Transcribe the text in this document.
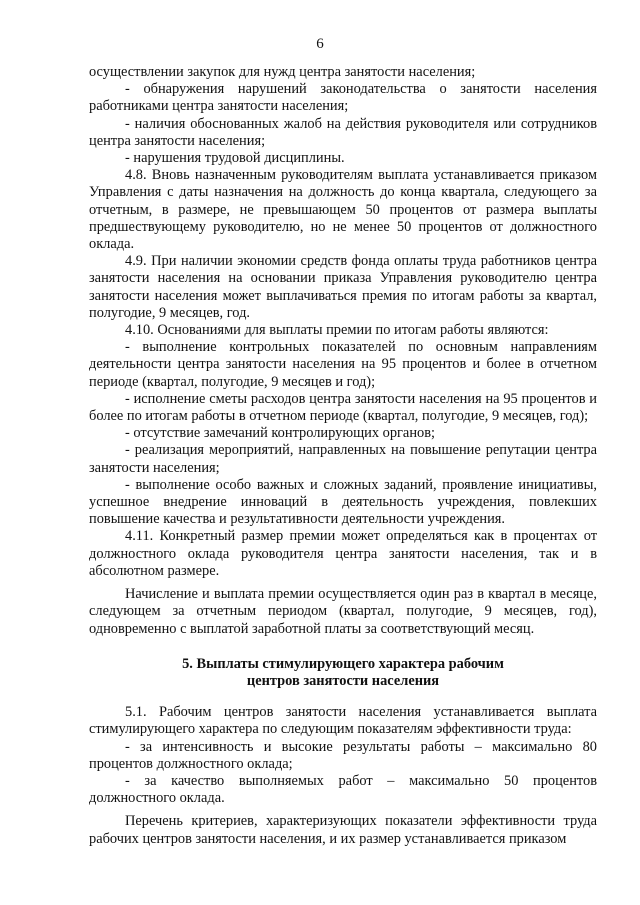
6

осуществлении закупок для нужд центра занятости населения;

- обнаружения нарушений законодательства о занятости населения работниками центра занятости населения;

- наличия обоснованных жалоб на действия руководителя или сотрудников центра занятости населения;

- нарушения трудовой дисциплины.

4.8. Вновь назначенным руководителям выплата устанавливается приказом Управления с даты назначения на должность до конца квартала, следующего за отчетным, в размере, не превышающем 50 процентов от размера выплаты предшествующему руководителю, но не менее 50 процентов от должностного оклада.

4.9. При наличии экономии средств фонда оплаты труда работников центра занятости населения на основании приказа Управления руководителю центра занятости населения может выплачиваться премия по итогам работы за квартал, полугодие, 9 месяцев, год.

4.10. Основаниями для выплаты премии по итогам работы являются:

- выполнение контрольных показателей по основным направлениям деятельности центра занятости населения на 95 процентов и более в отчетном периоде (квартал, полугодие, 9 месяцев и год);

- исполнение сметы расходов центра занятости населения на 95 процентов и более по итогам работы в отчетном периоде (квартал, полугодие, 9 месяцев, год);

- отсутствие замечаний контролирующих органов;

- реализация мероприятий, направленных на повышение репутации центра занятости населения;

- выполнение особо важных и сложных заданий, проявление инициативы, успешное внедрение инноваций в деятельность учреждения, повлекших повышение качества и результативности деятельности учреждения.

4.11. Конкретный размер премии может определяться как в процентах от должностного оклада руководителя центра занятости населения, так и в абсолютном размере.

Начисление и выплата премии осуществляется один раз в квартал в месяце, следующем за отчетным периодом (квартал, полугодие, 9 месяцев, год), одновременно с выплатой заработной платы за соответствующий месяц.

5. Выплаты стимулирующего характера рабочим
центров занятости населения

5.1. Рабочим центров занятости населения устанавливается выплата стимулирующего характера по следующим показателям эффективности труда:

- за интенсивность и высокие результаты работы – максимально 80 процентов должностного оклада;

- за качество выполняемых работ – максимально 50 процентов должностного оклада.

Перечень критериев, характеризующих показатели эффективности труда рабочих центров занятости населения, и их размер устанавливается приказом
